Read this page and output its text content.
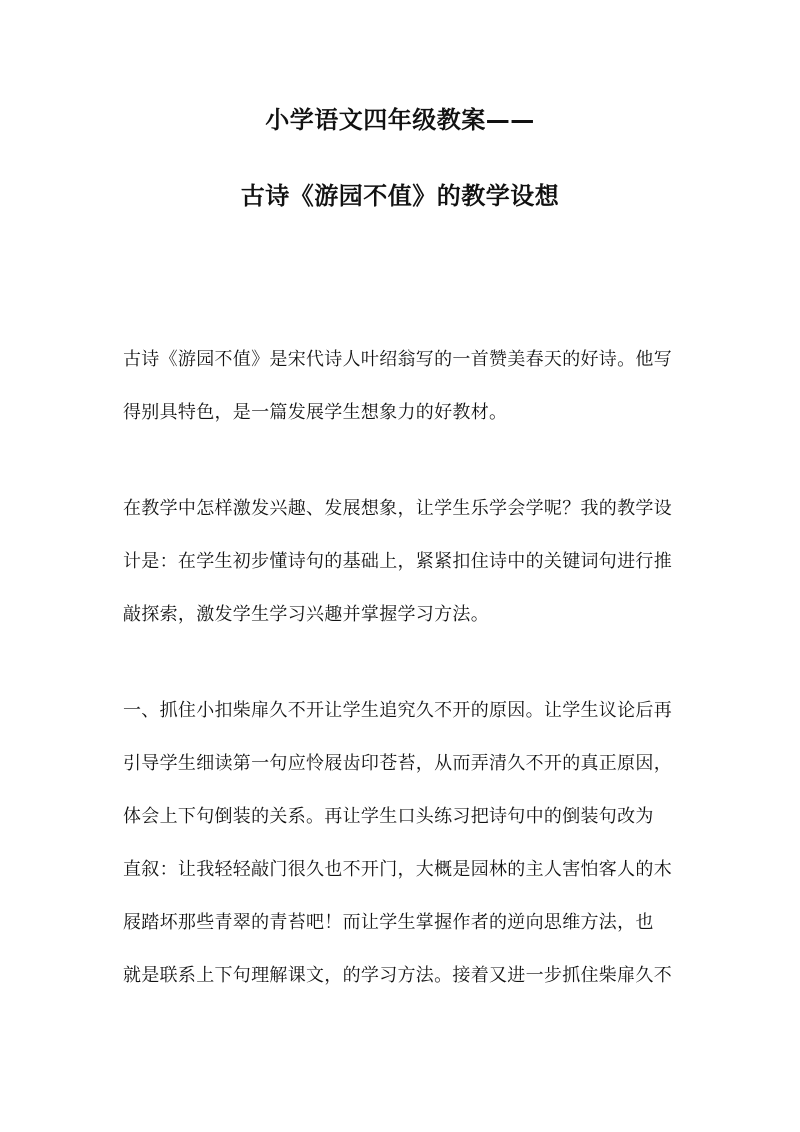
小学语文四年级教案——
古诗《游园不值》的教学设想

古诗《游园不值》是宋代诗人叶绍翁写的一首赞美春天的好诗。他写
得别具特色，是一篇发展学生想象力的好教材。

在教学中怎样激发兴趣、发展想象，让学生乐学会学呢？我的教学设
计是：在学生初步懂诗句的基础上，紧紧扣住诗中的关键词句进行推
敲探索，激发学生学习兴趣并掌握学习方法。

一、抓住小扣柴扉久不开让学生追究久不开的原因。让学生议论后再
引导学生细读第一句应怜屐齿印苍苔，从而弄清久不开的真正原因，
体会上下句倒装的关系。再让学生口头练习把诗句中的倒装句改为
直叙：让我轻轻敲门很久也不开门，大概是园林的主人害怕客人的木
屐踏坏那些青翠的青苔吧！而让学生掌握作者的逆向思维方法，也
就是联系上下句理解课文，的学习方法。接着又进一步抓住柴扉久不
